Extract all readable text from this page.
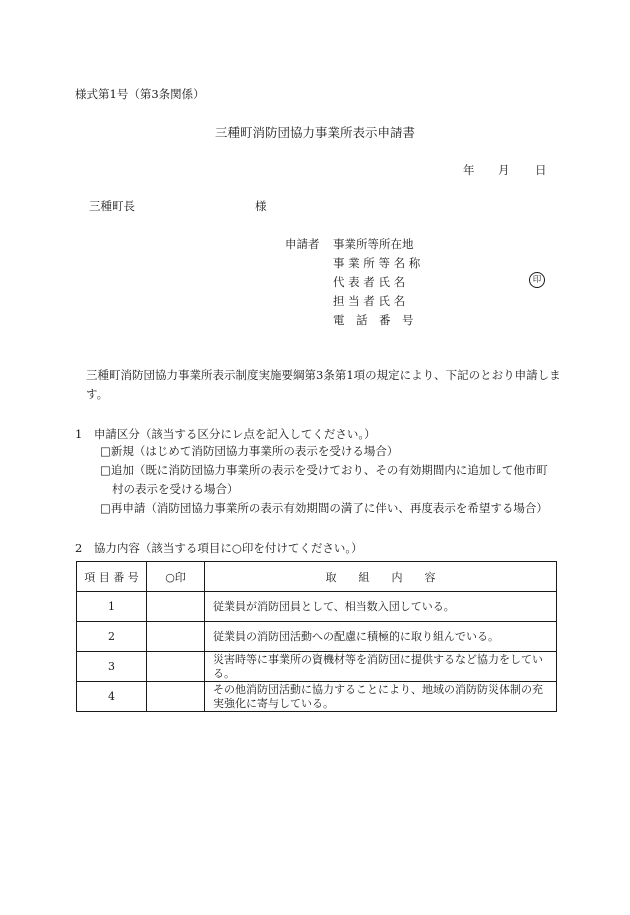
様式第1号（第3条関係）
三種町消防団協力事業所表示申請書
年 月 日
三種町長	様
申請者 事業所等所在地
事 業 所 等 名 称
代 表 者 氏 名
担 当 者 氏 名
電　話　番　号
印
三種町消防団協力事業所表示制度実施要綱第3条第1項の規定により、下記のとおり申請します。
1　申請区分（該当する区分にレ点を記入してください。）
□新規（はじめて消防団協力事業所の表示を受ける場合）
□追加（既に消防団協力事業所の表示を受けており、その有効期間内に追加して他市町
村の表示を受ける場合）
□再申請（消防団協力事業所の表示有効期間の満了に伴い、再度表示を希望する場合）
2　協力内容（該当する項目に○印を付けてください。）
項 目 番 号	○印	取　　組　　内　　容
1		従業員が消防団員として、相当数入団している。
2		従業員の消防団活動への配慮に積極的に取り組んでいる。
3		災害時等に事業所の資機材等を消防団に提供するなど協力をしている。
4		その他消防団活動に協力することにより、地域の消防防災体制の充実強化に寄与している。
